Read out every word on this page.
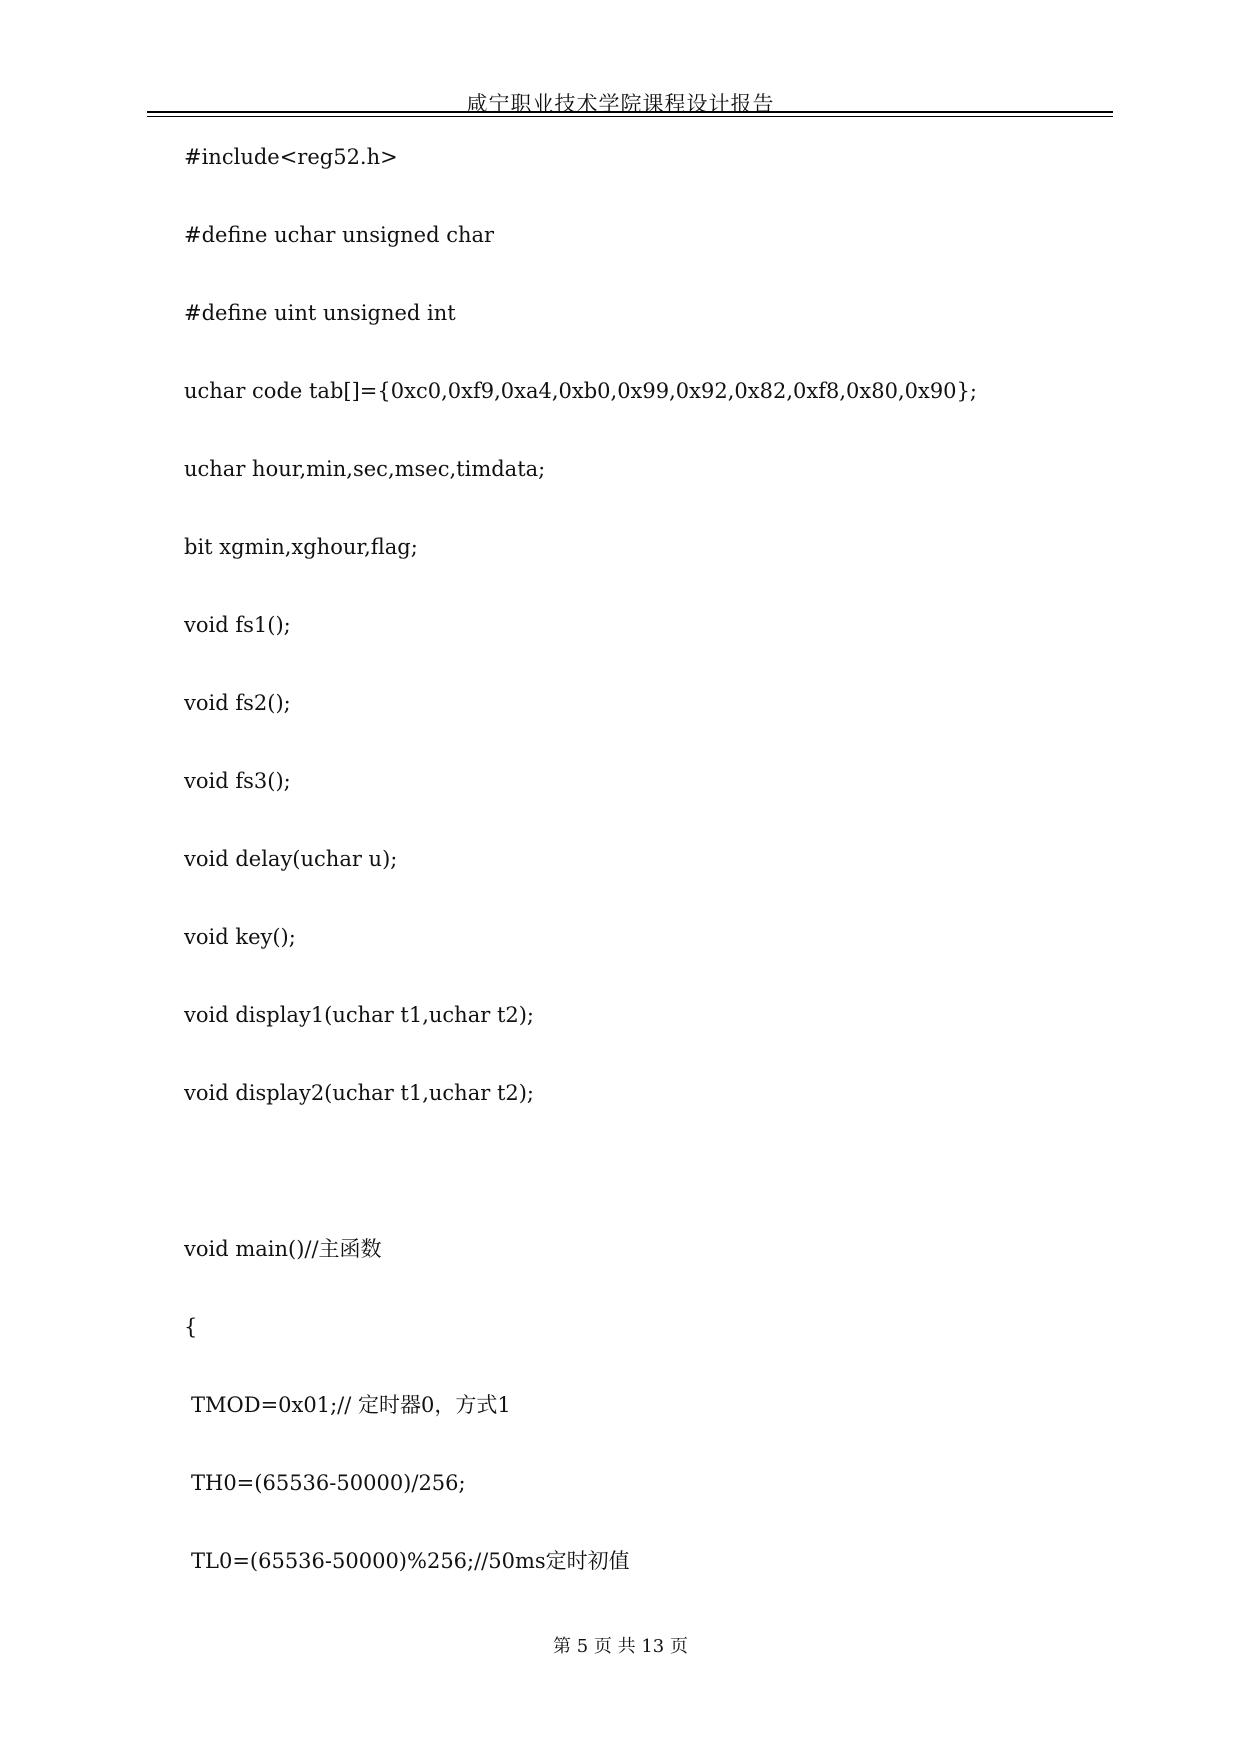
咸宁职业技术学院课程设计报告
#include<reg52.h>
#define uchar unsigned char
#define uint unsigned int
uchar code tab[]={0xc0,0xf9,0xa4,0xb0,0x99,0x92,0x82,0xf8,0x80,0x90};
uchar hour,min,sec,msec,timdata;
bit xgmin,xghour,flag;
void fs1();
void fs2();
void fs3();
void delay(uchar u);
void key();
void display1(uchar t1,uchar t2);
void display2(uchar t1,uchar t2);
void main()//主函数
{
TMOD=0x01;// 定时器0，方式1
TH0=(65536-50000)/256;
TL0=(65536-50000)%256;//50ms定时初值
第 5 页 共 13 页
